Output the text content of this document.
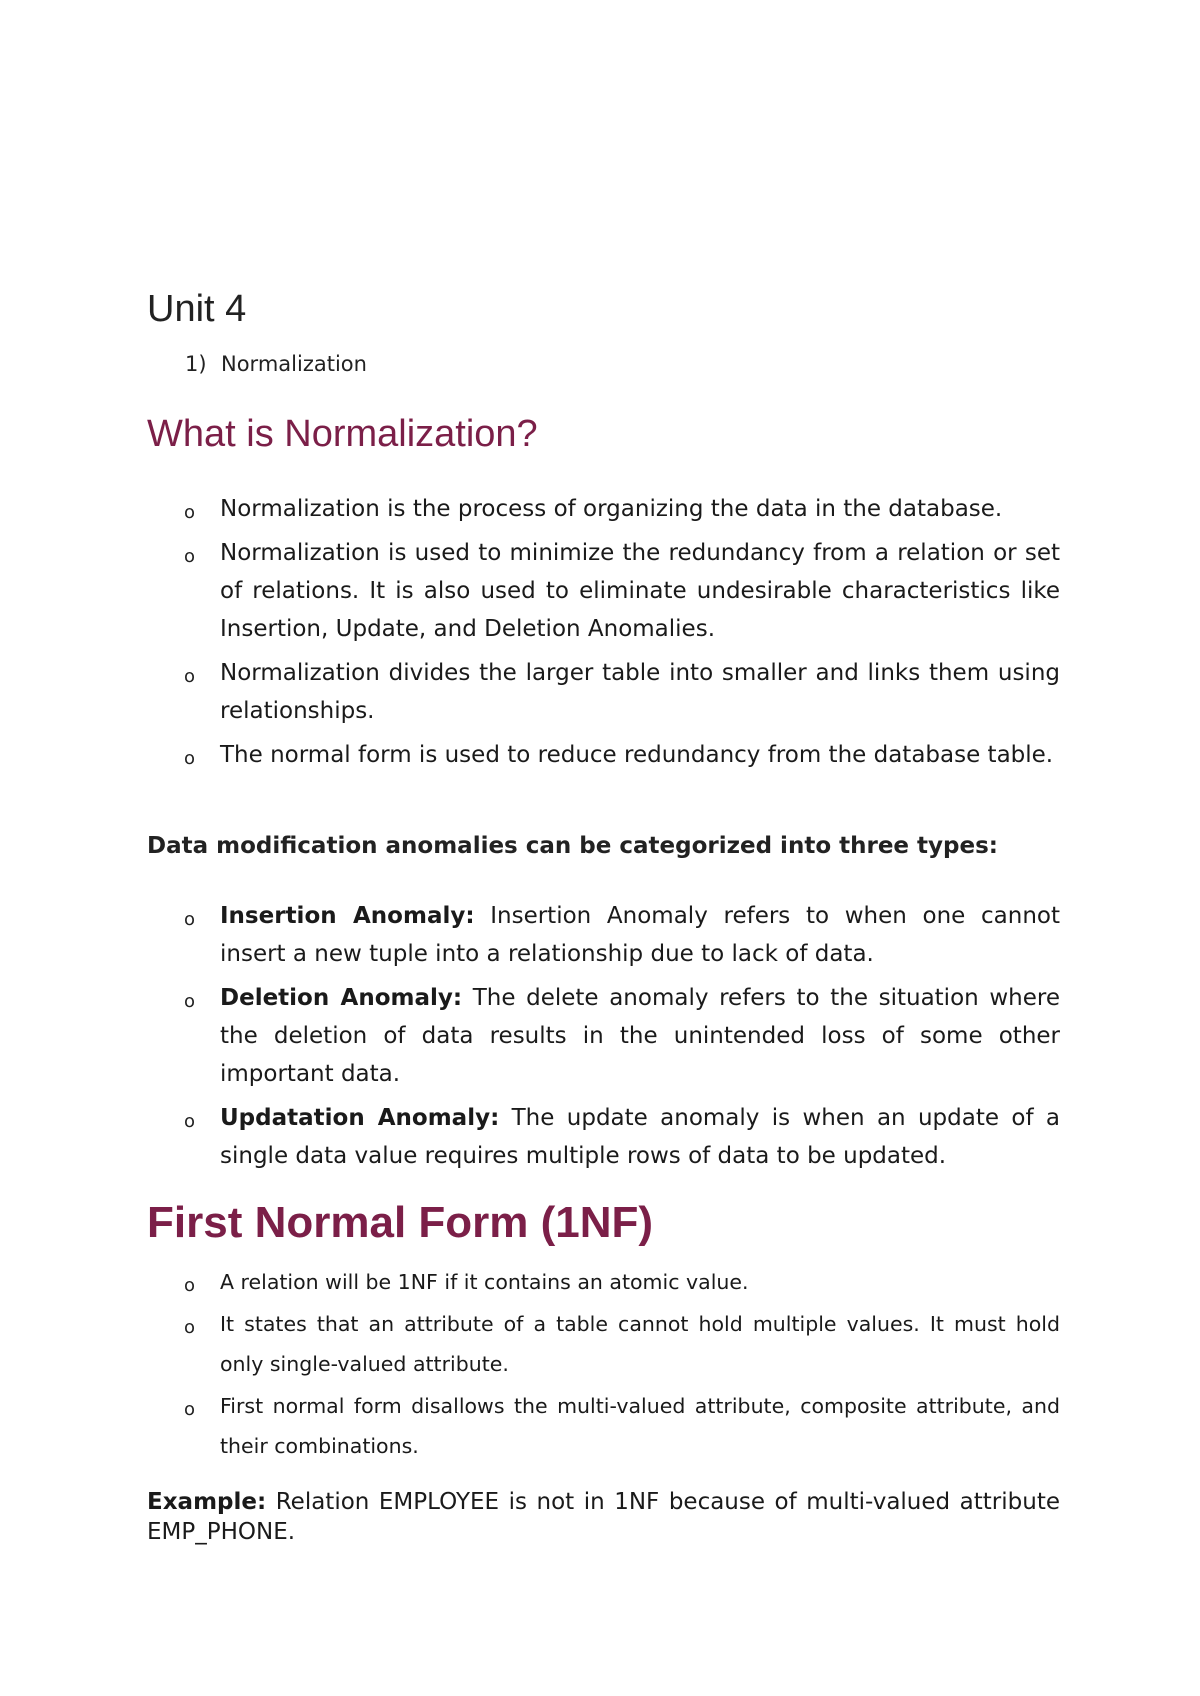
Unit 4
1) Normalization
What is Normalization?
o Normalization is the process of organizing the data in the database.
o Normalization is used to minimize the redundancy from a relation or set of relations. It is also used to eliminate undesirable characteristics like Insertion, Update, and Deletion Anomalies.
o Normalization divides the larger table into smaller and links them using relationships.
o The normal form is used to reduce redundancy from the database table.
Data modification anomalies can be categorized into three types:
o Insertion Anomaly: Insertion Anomaly refers to when one cannot insert a new tuple into a relationship due to lack of data.
o Deletion Anomaly: The delete anomaly refers to the situation where the deletion of data results in the unintended loss of some other important data.
o Updatation Anomaly: The update anomaly is when an update of a single data value requires multiple rows of data to be updated.
First Normal Form (1NF)
o A relation will be 1NF if it contains an atomic value.
o It states that an attribute of a table cannot hold multiple values. It must hold only single-valued attribute.
o First normal form disallows the multi-valued attribute, composite attribute, and their combinations.

Example: Relation EMPLOYEE is not in 1NF because of multi-valued attribute EMP_PHONE.
